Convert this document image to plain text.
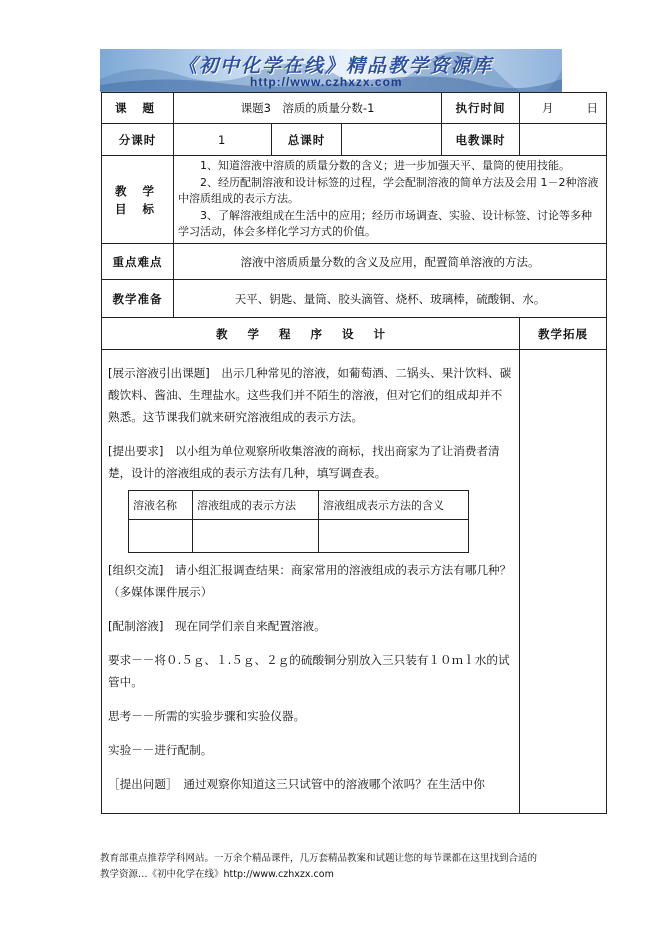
《初中化学在线》精品教学资源库
http://www.czhxzx.com
课 题	课题3　溶质的质量分数-1	执行时间	月	日

分课时	1	总课时		电教课时	

教 学
目 标

1、知道溶液中溶质的质量分数的含义；进一步加强天平、量筒的使用技能。

2、经历配制溶液和设计标签的过程，学会配制溶液的简单方法及会用 1－2种溶液中溶质组成的表示方法。

3、了解溶液组成在生活中的应用；经历市场调查、实验、设计标签、讨论等多种学习活动，体会多样化学习方式的价值。

重点难点	溶液中溶质质量分数的含义及应用，配置简单溶液的方法。
教学准备	天平、钥匙、量筒、胶头滴管、烧杯、玻璃棒，硫酸铜、水。
教学程序设计	教学拓展

[展示溶液引出课题]　出示几种常见的溶液，如葡萄酒、二锅头、果汁饮料、碳酸饮料、酱油、生理盐水。这些我们并不陌生的溶液，但对它们的组成却并不熟悉。这节课我们就来研究溶液组成的表示方法。

[提出要求]　以小组为单位观察所收集溶液的商标，找出商家为了让消费者清楚，设计的溶液组成的表示方法有几种，填写调查表。

溶液名称	溶液组成的表示方法	溶液组成表示方法的含义

[组织交流]　请小组汇报调查结果：商家常用的溶液组成的表示方法有哪几种？（多媒体课件展示）

[配制溶液]　现在同学们亲自来配置溶液。

要求－－将０.５ｇ、１.５ｇ、２ｇ的硫酸铜分别放入三只装有１０ｍｌ水的试管中。

思考－－所需的实验步骤和实验仪器。

实验－－进行配制。

［提出问题］　通过观察你知道这三只试管中的溶液哪个浓吗？在生活中你

教育部重点推荐学科网站。一万余个精品课件，几万套精品教案和试题让您的每节课都在这里找到合适的

教学资源…《初中化学在线》http://www.czhxzx.com
